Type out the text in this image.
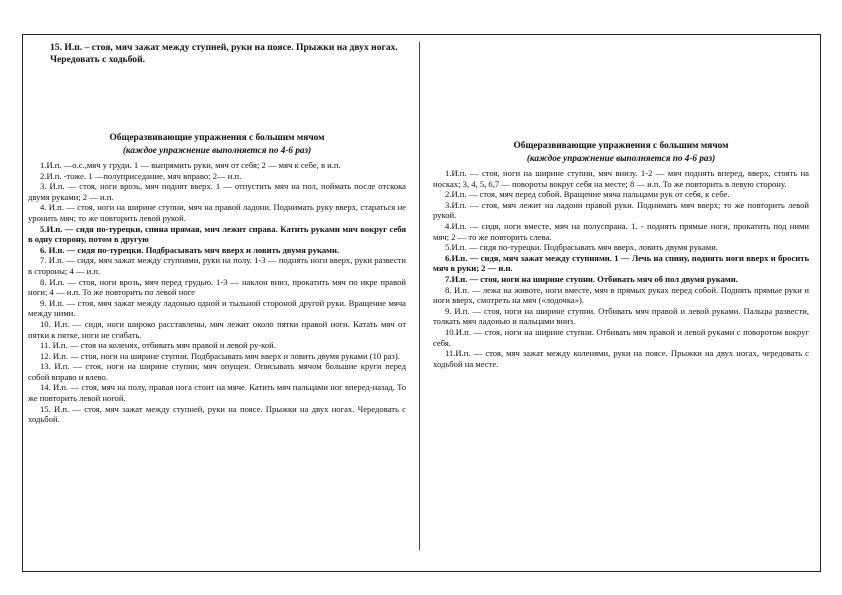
15. И.п. – стоя, мяч зажат между ступней, руки на поясе. Прыжки на двух ногах. Чередовать с ходьбой.

Общеразвивающие упражнения с большим мячом

(каждое упражнение выполняется по 4-6 раз)

1.И.п. —о.с.,мяч у груди. 1 — выпрямить руки, мяч от себя; 2 — мяч к себе, в и.п.

2.И.п. -тоже. 1 —полуприседание, мяч вправо; 2— и.п.

3. И.п. — стоя, ноги врозь, мяч поднят вверх. 1 — отпустить мяч на пол, поймать после отскока двумя руками; 2 — и.п.

4. И.п. — стоя, ноги на ширине ступни, мяч на правой ладони. Поднимать руку вверх, стараться не уронить мяч; то же повторить левой рукой.

5.И.п. — сидя по-турецки, спина прямая, мяч лежит справа. Катить руками мяч вокруг себя в одну сторону, потом в другую

6. И.п. — сидя по-турецки. Подбрасывать мяч вверх и ловить двумя руками.

7. И.п. — сидя, мяч зажат между ступнями, руки на полу. 1-3 — поднять ноги вверх, руки развести в стороны; 4 — и.п.

8. И.п. — стоя, ноги врозь, мяч перед грудью. 1-3 — наклон вниз, прокатить мяч по икре правой ноги; 4 — и.п. То же повторить по левой ноге

9. И.п. — стоя, мяч зажат между ладонью одной и тыльной стороной другой руки. Вращение мяча между ними.

10. И.п. — сидя, ноги широко расставлены, мяч лежит около пятки правой ноги. Катать мяч от пятки к пятке, ноги не сгибать.

11. И.п. — стоя на коленях, отбивать мяч правой и левой ру-кой.

12. И.п. — стоя, ноги на ширине ступни. Подбрасывать мяч вверх и ловить двумя руками (10 раз).

13. И.п. — стоя, ноги на ширине ступни, мяч опущен. Описывать мячом большие круги перед собой вправо и влево.

14. И.п. — стоя, мяч на полу, правая нога стоит на мяче. Катить мяч пальцами ног вперед-назад. То же повторить левой ногой.

15. И.п. — стоя, мяч зажат между ступней, руки на поясе. Прыжки на двух ногах. Чередовать с ходьбой.

Общеразвивающие упражнения с большим мячом

(каждое упражнение выполняется по 4-6 раз)

1.И.п. — стоя, ноги на ширине ступни, мяч внизу. 1-2 — мяч поднять вперед, вверх, стоять на носках; 3, 4, 5, 6,7 — повороты вокруг себя на месте; 8 — и.п. То же повторить в левую сторону.

2.И.п. — стоя, мяч перед собой. Вращение мяча пальцами рук от себя, к себе.

3.И.п. — стоя, мяч лежит на ладони правой руки. Поднимать мяч вверх; то же повторить левой рукой.

4.И.п. — сидя, ноги вместе, мяч на полуспрана. 1. - поднять прямые ноги, прокатить под ними мяч; 2 — то же повторить слева.

5.И.п. — сидя по-турецки. Подбрасывать мяч вверх, ловить двумя руками.

6.И.п. — сидя, мяч зажат между ступнями. 1 — Лечь на спину, поднять ноги вверх и бросить мяч в руки; 2 — и.п.

7.И.п. — стоя, ноги на ширине ступни. Отбивать мяч об пол двумя руками.

8. И.п. — лежа на животе, ноги вместе, мяч в прямых руках перед собой. Поднять прямые руки и ноги вверх, смотреть на мяч («лодочка»).

9. И.п. — стоя, ноги на ширине ступни. Отбивать мяч правой и левой руками. Пальцы развести, толкать мяч ладонью и пальцами вниз.

10.И.п. — стоя, ноги на ширине ступни. Отбивать мяч правой и левой руками с поворотом вокруг себя.

11.И.п. — стоя, мяч зажат между коленями, руки на поясе. Прыжки на двух ногах, чередовать с ходьбой на месте.
